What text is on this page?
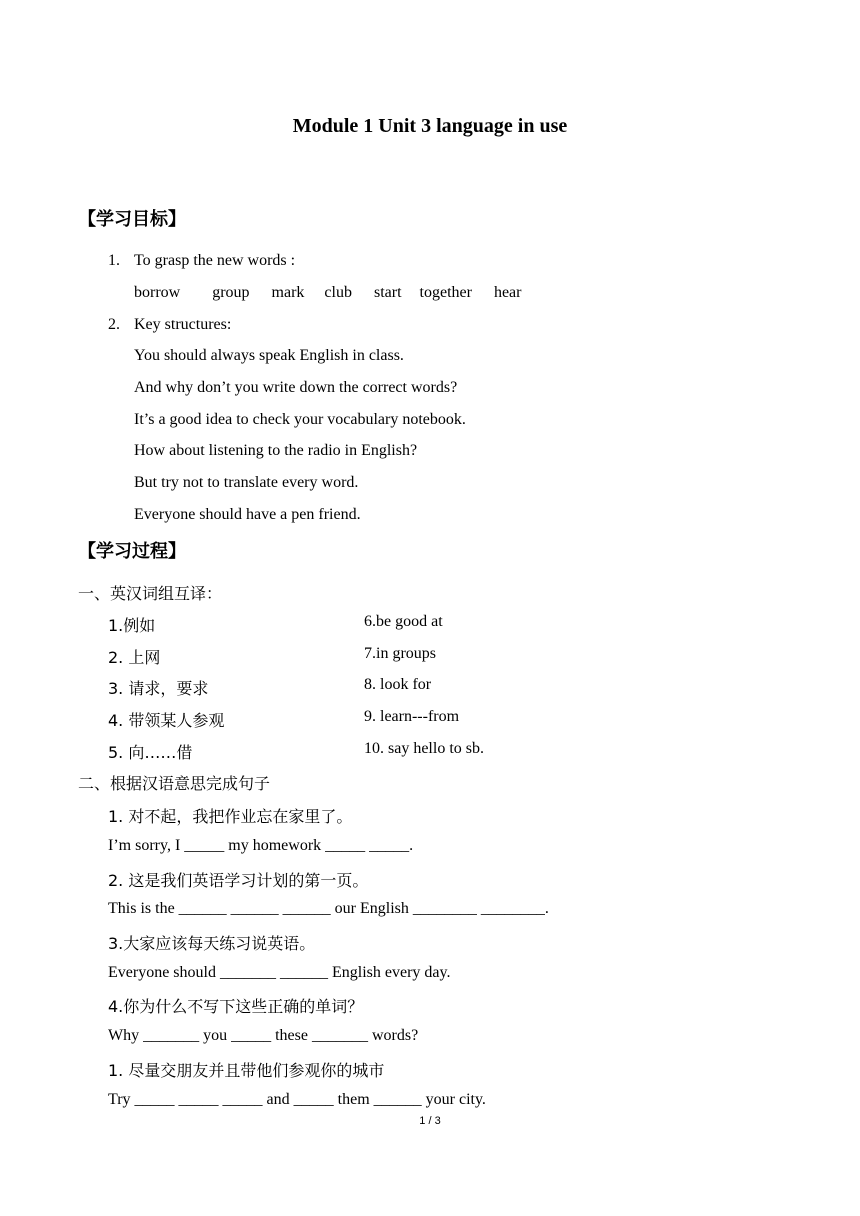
Module 1 Unit 3 language in use
【学习目标】
1. To grasp the new words :
borrow group mark club start together hear
2. Key structures:
You should always speak English in class.
And why don’t you write down the correct words?
It’s a good idea to check your vocabulary notebook.
How about listening to the radio in English?
But try not to translate every word.
Everyone should have a pen friend.
【学习过程】
一、英汉词组互译：
1.例如
2. 上网
3. 请求，要求
4. 带领某人参观
5. 向……借
6.be good at
7.in groups
8. look for
9. learn---from
10. say hello to sb.
二、根据汉语意思完成句子
1. 对不起，我把作业忘在家里了。
I’m sorry, I _____ my homework _____ _____.
2. 这是我们英语学习计划的第一页。
This is the ______ ______ ______ our English ________ ________.
3.大家应该每天练习说英语。
Everyone should _______ ______ English every day.
4.你为什么不写下这些正确的单词？
Why _______ you _____ these _______ words?
1. 尽量交朋友并且带他们参观你的城市
Try _____ _____ _____ and _____ them ______ your city.
1 / 3
